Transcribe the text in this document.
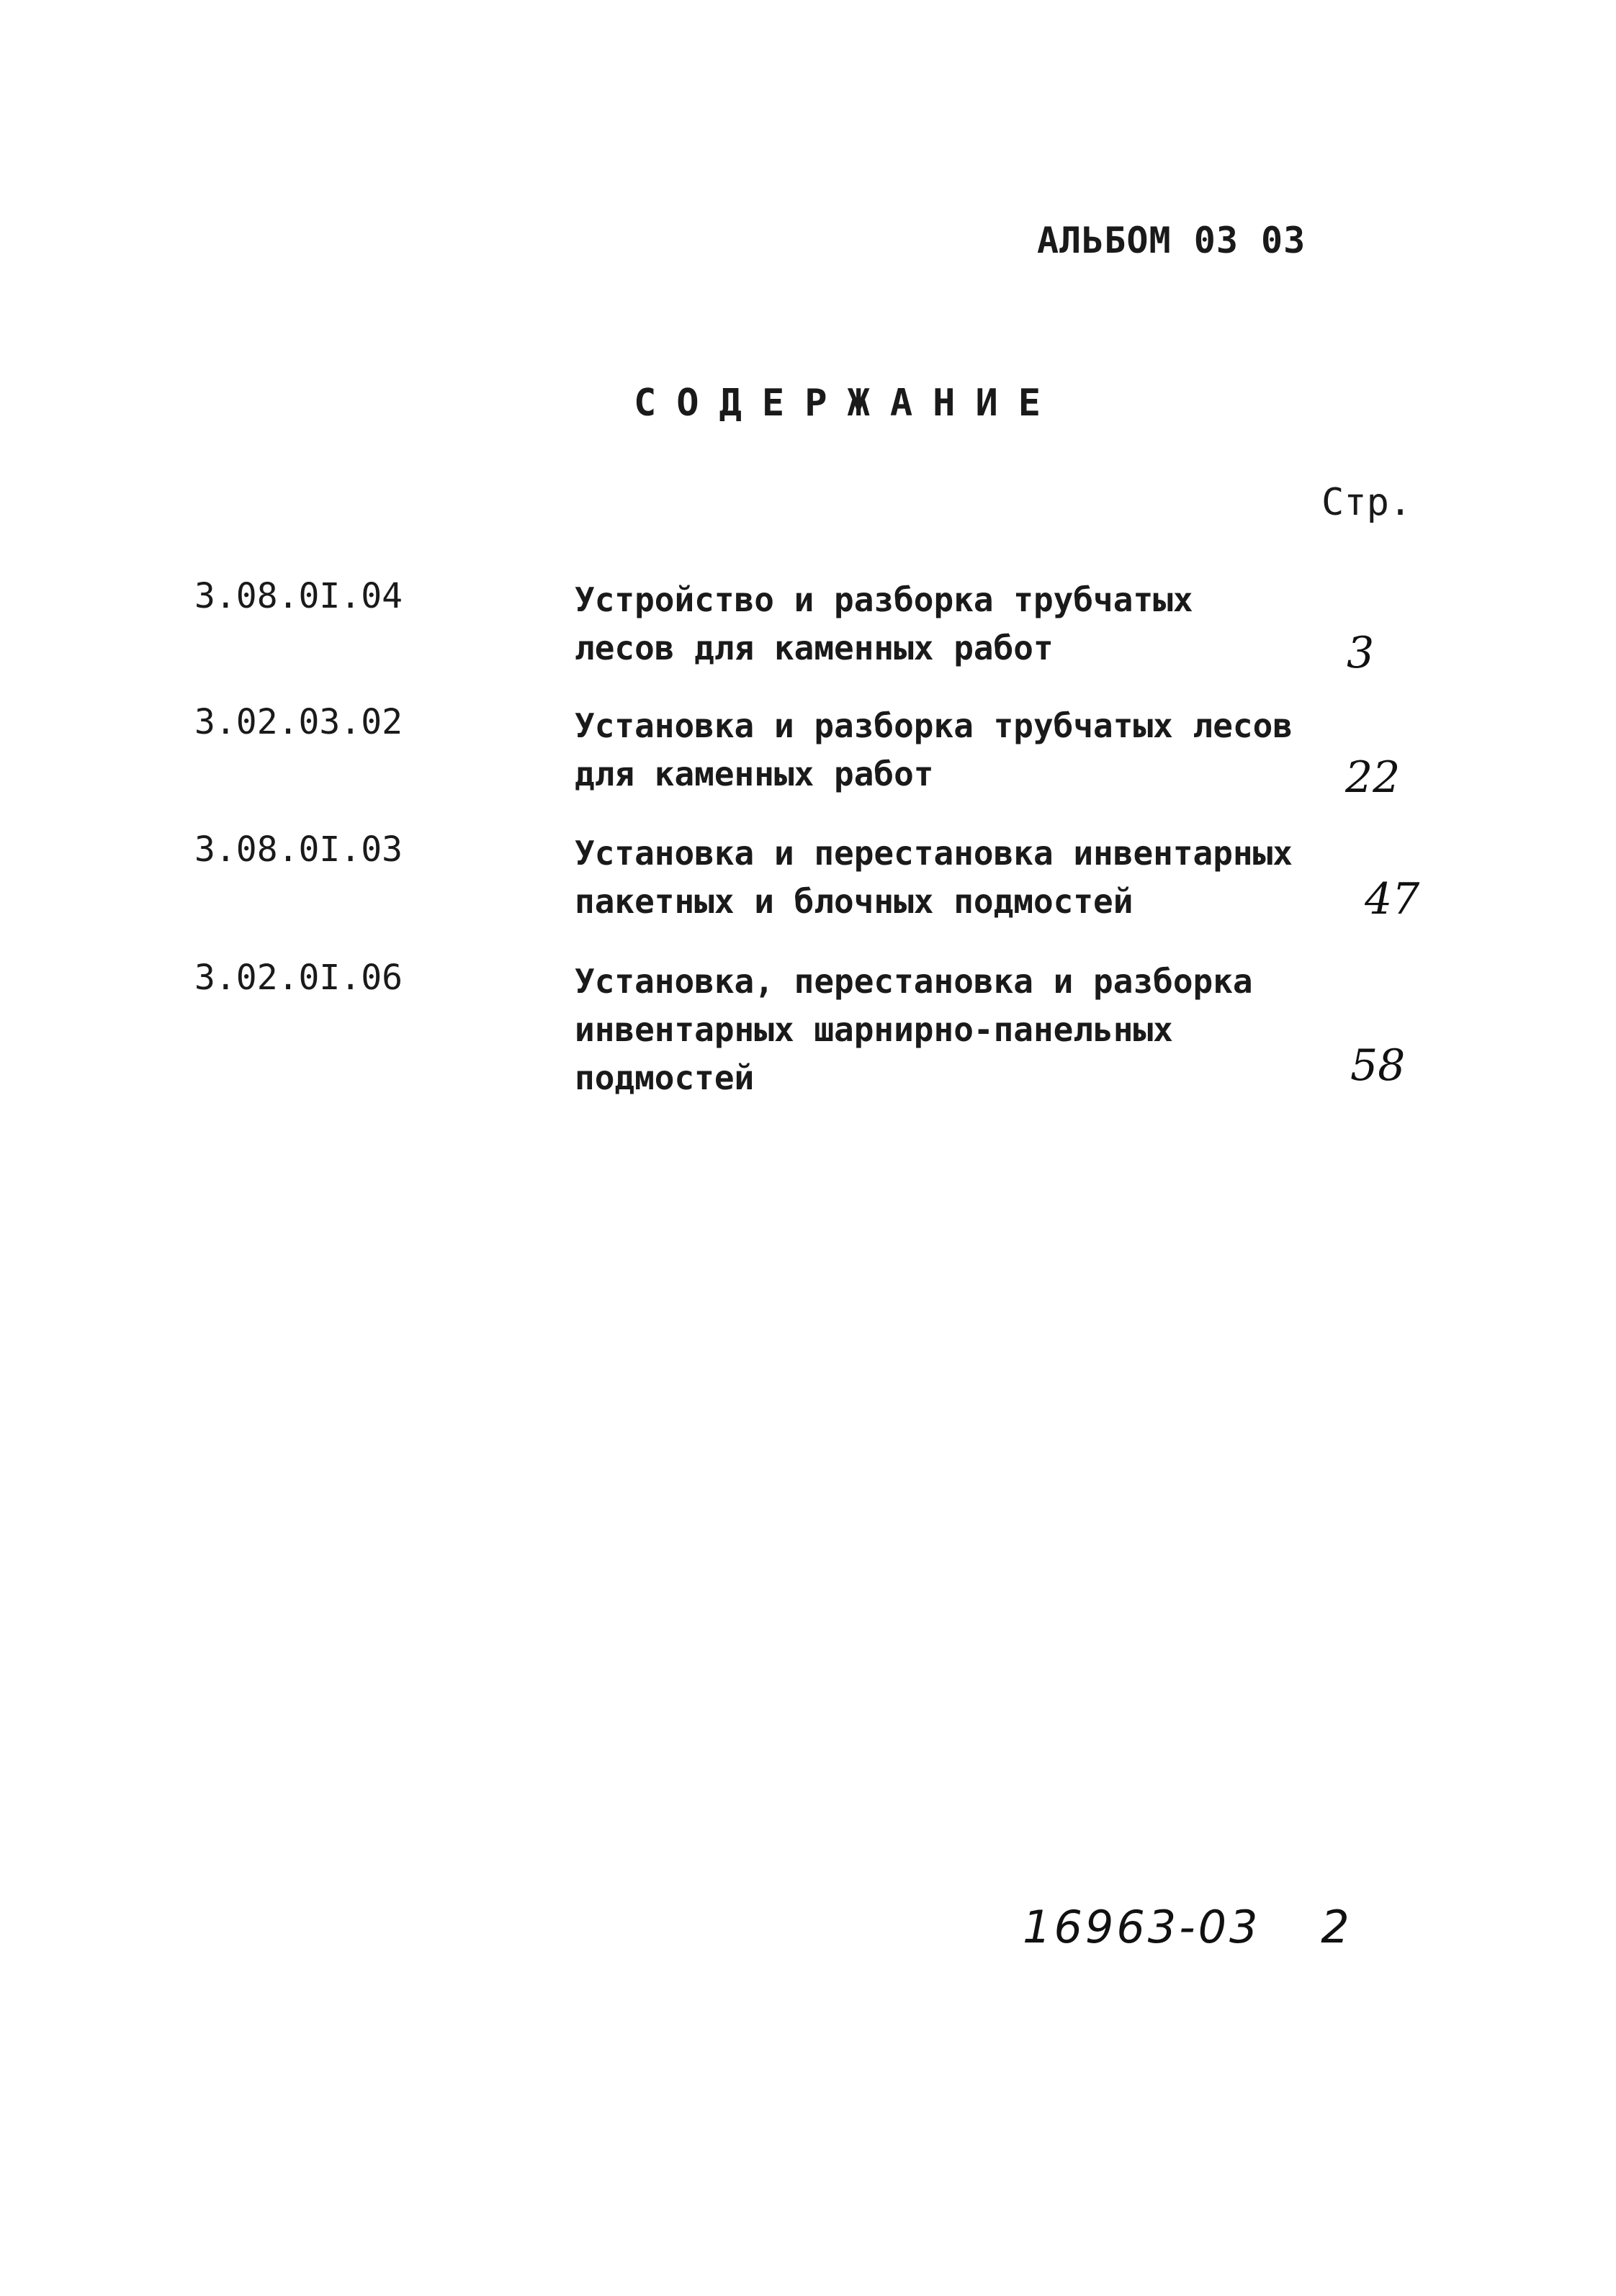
АЛЬБОМ 03 03
СОДЕРЖАНИЕ
Стр.
3.08.0I.04	Устройство и разборка трубчатых
лесов для каменных работ	3
3.02.03.02	Установка и разборка трубчатых лесов
для каменных работ	22
3.08.0I.03	Установка и перестановка инвентарных
пакетных и блочных подмостей	47
3.02.0I.06	Установка, перестановка и разборка
инвентарных шарнирно-панельных
подмостей	58
16963-03 2
